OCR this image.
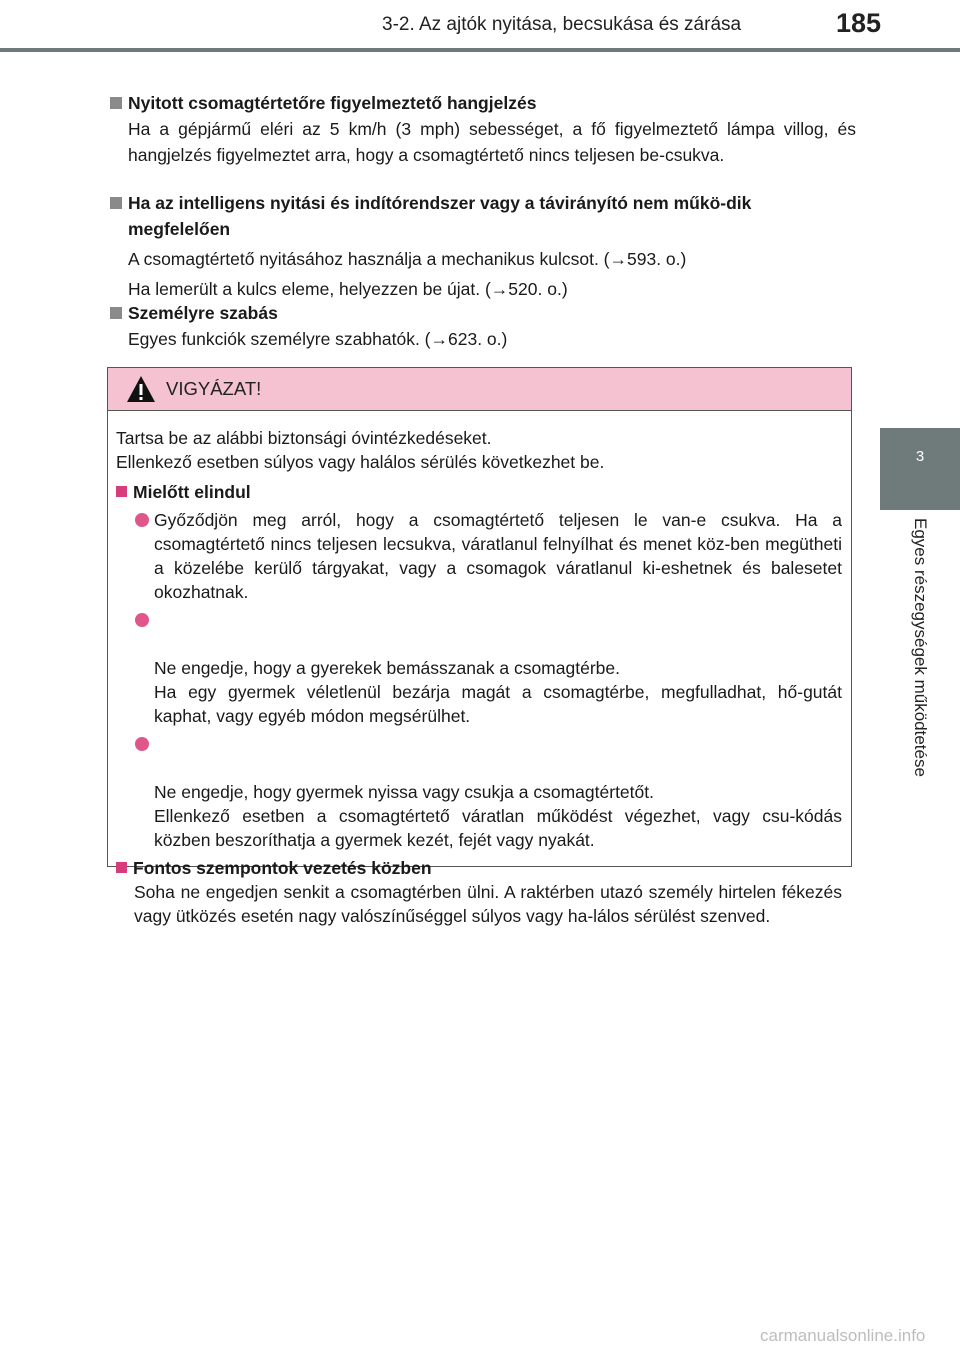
3-2. Az ajtók nyitása, becsukása és zárása	185
3
Egyes részegységek működtetése
Nyitott csomagtértetőre figyelmeztető hangjelzés

Ha a gépjármű eléri az 5 km/h (3 mph) sebességet, a fő figyelmeztető lámpa villog, és hangjelzés figyelmeztet arra, hogy a csomagtértető nincs teljesen be-csukva.

Ha az intelligens nyitási és indítórendszer vagy a távirányító nem műkö-dik megfelelően

A csomagtértető nyitásához használja a mechanikus kulcsot. (→593. o.)

Ha lemerült a kulcs eleme, helyezzen be újat. (→520. o.)

Személyre szabás

Egyes funkciók személyre szabhatók. (→623. o.)

VIGYÁZAT!

Tartsa be az alábbi biztonsági óvintézkedéseket.

Ellenkező esetben súlyos vagy halálos sérülés következhet be.

Mielőtt elindul
Győződjön meg arról, hogy a csomagtértető teljesen le van-e csukva. Ha a csomagtértető nincs teljesen lecsukva, váratlanul felnyílhat és menet köz-ben megütheti a közelébe kerülő tárgyakat, vagy a csomagok váratlanul ki-eshetnek és balesetet okozhatnak.

Ne engedje, hogy a gyerekek bemásszanak a csomagtérbe.
Ha egy gyermek véletlenül bezárja magát a csomagtérbe, megfulladhat, hő-gutát kaphat, vagy egyéb módon megsérülhet.

Ne engedje, hogy gyermek nyissa vagy csukja a csomagtértetőt.
Ellenkező esetben a csomagtértető váratlan működést végezhet, vagy csu-kódás közben beszoríthatja a gyermek kezét, fejét vagy nyakát.

Fontos szempontok vezetés közben
Soha ne engedjen senkit a csomagtérben ülni. A raktérben utazó személy hirtelen fékezés vagy ütközés esetén nagy valószínűséggel súlyos vagy ha-lálos sérülést szenved.
carmanualsonline.info
